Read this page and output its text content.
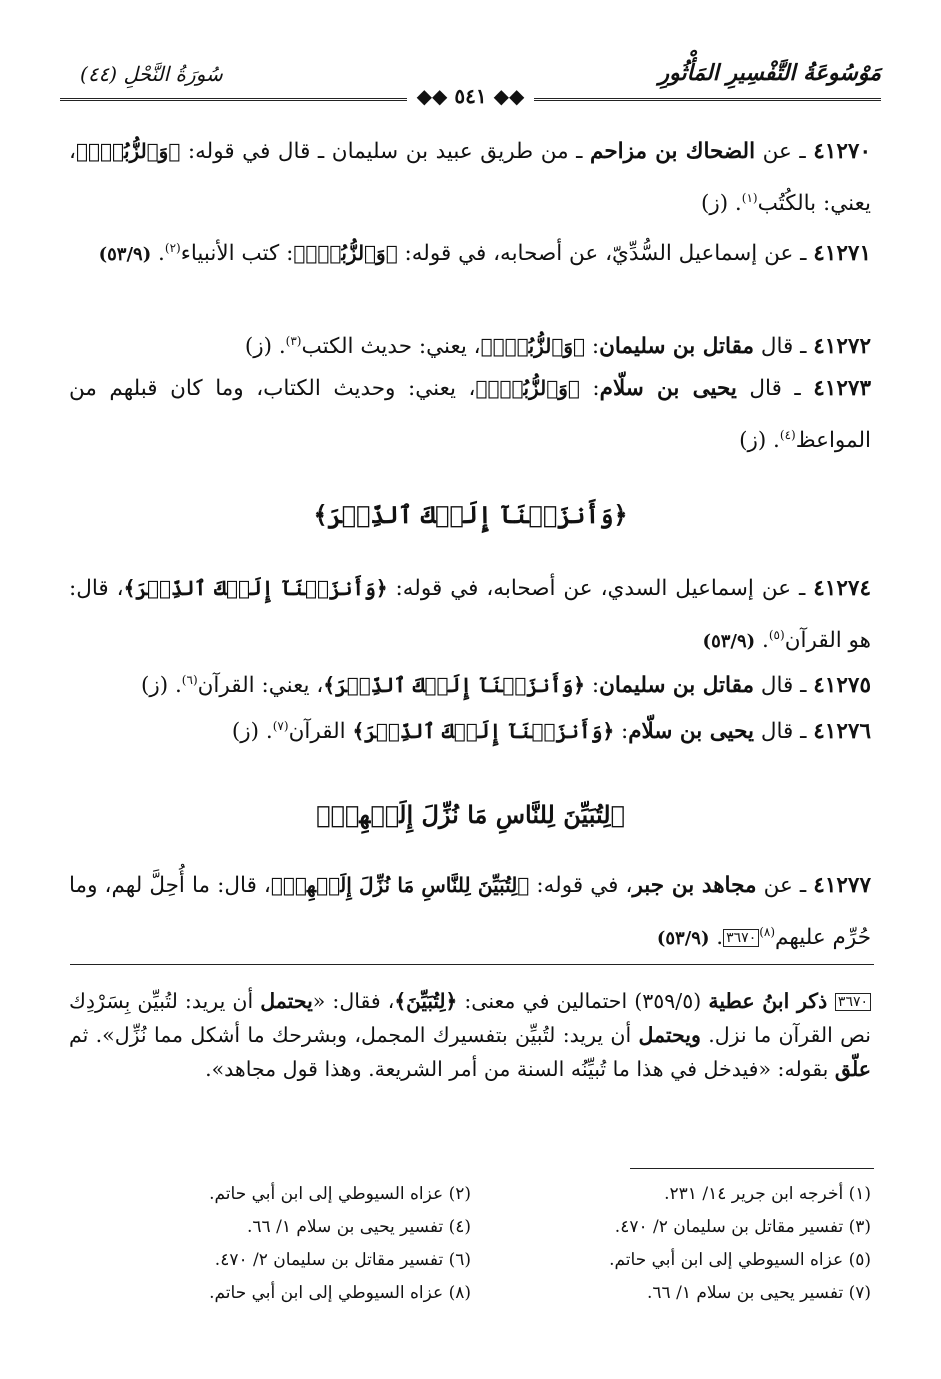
مَوْسُوعَةُ التَّفْسِيرِ المَأْثُورِ
سُورَةُ النَّحْلِ (٤٤)
◆◆ ٥٤١ ◆◆
٤١٢٧٠ ـ عن الضحاك بن مزاحم ـ من طريق عبيد بن سليمان ـ قال في قوله: ﴿وَٱلزُّبُرِۗ﴾، يعني: بالكُتُب$^{(١)}$. (ز)
٤١٢٧١ ـ عن إسماعيل السُّدِّيّ، عن أصحابه، في قوله: ﴿وَٱلزُّبُرِۗ﴾: كتب الأنبياء$^{(٢)}$. (٥٣/٩)
٤١٢٧٢ ـ قال مقاتل بن سليمان: ﴿وَٱلزُّبُرِۗ﴾، يعني: حديث الكتب$^{(٣)}$. (ز)
٤١٢٧٣ ـ قال يحيى بن سلّام: ﴿وَٱلزُّبُرِۗ﴾، يعني: وحديث الكتاب، وما كان قبلهم من المواعظ$^{(٤)}$. (ز)
﴿وَأَنزَلۡنَآ إِلَيۡكَ ٱلذِّكۡرَ﴾
٤١٢٧٤ ـ عن إسماعيل السدي، عن أصحابه، في قوله: ﴿وَأَنزَلۡنَآ إِلَيۡكَ ٱلذِّكۡرَ﴾، قال: هو القرآن$^{(٥)}$. (٥٣/٩)
٤١٢٧٥ ـ قال مقاتل بن سليمان: ﴿وَأَنزَلۡنَآ إِلَيۡكَ ٱلذِّكۡرَ﴾، يعني: القرآن$^{(٦)}$. (ز)
٤١٢٧٦ ـ قال يحيى بن سلّام: ﴿وَأَنزَلۡنَآ إِلَيۡكَ ٱلذِّكۡرَ﴾ القرآن$^{(٧)}$. (ز)
﴿لِتُبَيِّنَ لِلنَّاسِ مَا نُزِّلَ إِلَيۡهِمۡ﴾
٤١٢٧٧ ـ عن مجاهد بن جبر، في قوله: ﴿لِتُبَيِّنَ لِلنَّاسِ مَا نُزِّلَ إِلَيۡهِمۡ﴾، قال: ما أُحِلَّ لهم، وما حُرِّم عليهم$^{(٨)}$٣٦٧٠. (٥٣/٩)
٣٦٧٠ ذكر ابنُ عطية (٣٥٩/٥) احتمالين في معنى: ﴿لِتُبَيِّنَ﴾، فقال: «يحتمل أن يريد: لتُبيِّن بِسَرْدِك نص القرآن ما نزل. ويحتمل أن يريد: لتُبيِّن بتفسيرك المجمل، وبشرحك ما أشكل مما نُزِّل». ثم علّق بقوله: «فيدخل في هذا ما تُبيِّنُه السنة من أمر الشريعة. وهذا قول مجاهد».
(١) أخرجه ابن جرير ١٤/ ٢٣١.
(٢) عزاه السيوطي إلى ابن أبي حاتم.
(٣) تفسير مقاتل بن سليمان ٢/ ٤٧٠.
(٤) تفسير يحيى بن سلام ١/ ٦٦.
(٥) عزاه السيوطي إلى ابن أبي حاتم.
(٦) تفسير مقاتل بن سليمان ٢/ ٤٧٠.
(٧) تفسير يحيى بن سلام ١/ ٦٦.
(٨) عزاه السيوطي إلى ابن أبي حاتم.
